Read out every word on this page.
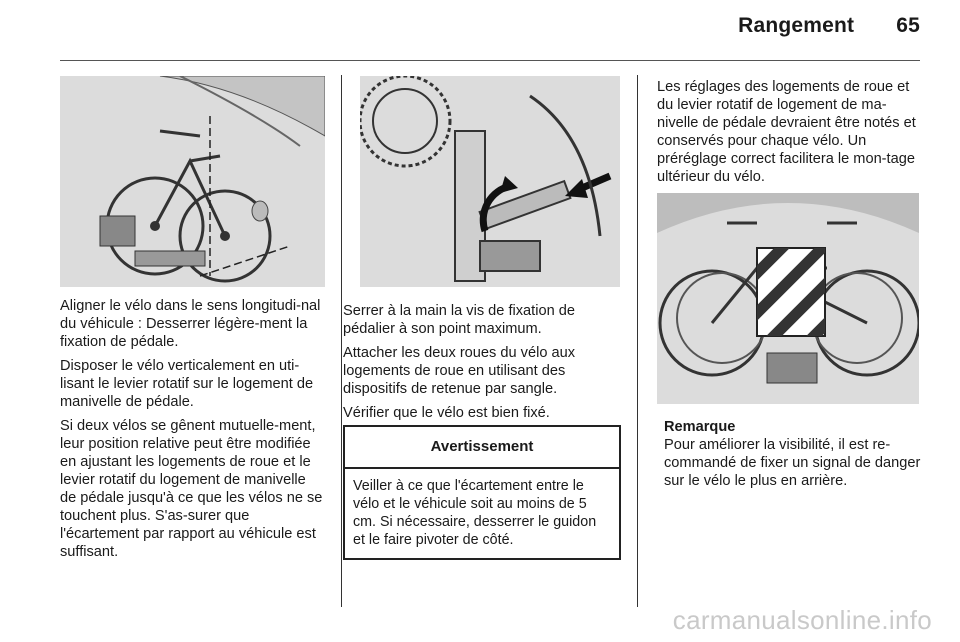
Rangement 65

Aligner le vélo dans le sens longitudi-nal du véhicule : Desserrer légère-ment la fixation de pédale.

Disposer le vélo verticalement en uti-lisant le levier rotatif sur le logement de manivelle de pédale.

Si deux vélos se gênent mutuelle-ment, leur position relative peut être modifiée en ajustant les logements de roue et le levier rotatif du logement de manivelle de pédale jusqu'à ce que les vélos ne se touchent plus. S'as-surer que l'écartement par rapport au véhicule est suffisant.

Serrer à la main la vis de fixation de pédalier à son point maximum.

Attacher les deux roues du vélo aux logements de roue en utilisant des dispositifs de retenue par sangle.

Vérifier que le vélo est bien fixé.

Avertissement
Veiller à ce que l'écartement entre le vélo et le véhicule soit au moins de 5 cm. Si nécessaire, desserrer le guidon et le faire pivoter de côté.

Les réglages des logements de roue et du levier rotatif de logement de ma-nivelle de pédale devraient être notés et conservés pour chaque vélo. Un préréglage correct facilitera le mon-tage ultérieur du vélo.

Remarque
Pour améliorer la visibilité, il est re-commandé de fixer un signal de danger sur le vélo le plus en arrière.
carmanualsonline.info
